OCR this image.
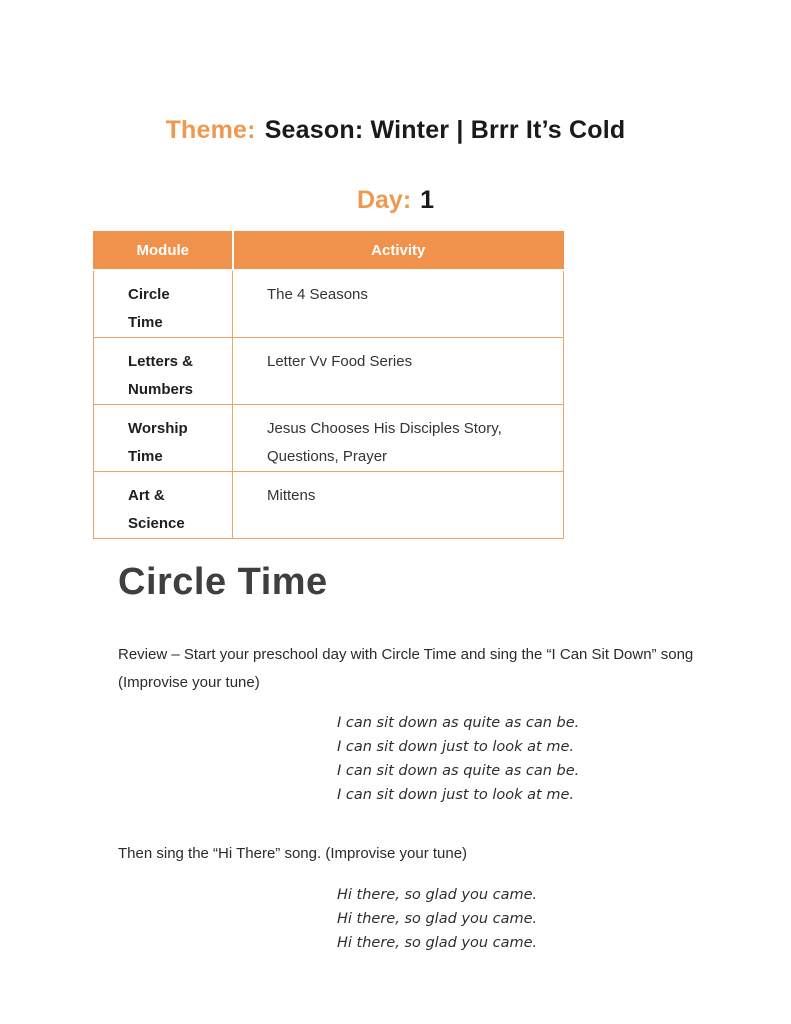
Theme: Season: Winter | Brrr It’s Cold
Day: 1
Module	Activity

Circle
Time	The 4 Seasons

Letters &
Numbers	Letter Vv Food Series

Worship
Time	Jesus Chooses His Disciples Story, Questions, Prayer

Art &
Science	Mittens
Circle Time
Review – Start your preschool day with Circle Time and sing the “I Can Sit Down” song
(Improvise your tune)
I can sit down as quite as can be.
I can sit down just to look at me.
I can sit down as quite as can be.
I can sit down just to look at me.
Then sing the “Hi There” song. (Improvise your tune)
Hi there, so glad you came.
Hi there, so glad you came.
Hi there, so glad you came.
